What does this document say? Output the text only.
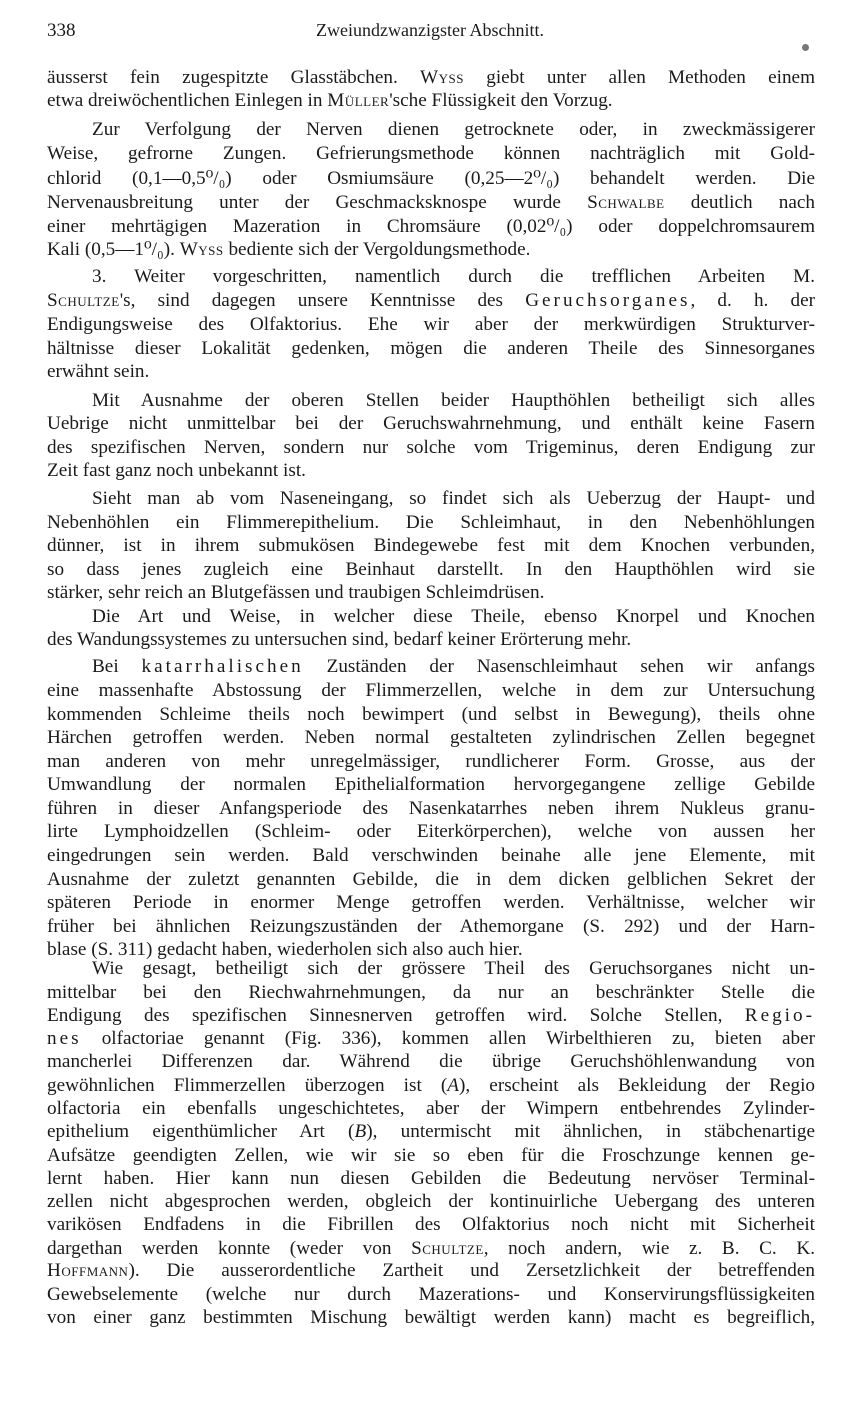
338	Zweiundzwanzigster Abschnitt.
äusserst fein zugespitzte Glasstäbchen. Wyss giebt unter allen Methoden einem
etwa dreiwöchentlichen Einlegen in Müller'sche Flüssigkeit den Vorzug.
Zur Verfolgung der Nerven dienen getrocknete oder, in zweckmässigerer
Weise, gefrorne Zungen. Gefrierungsmethode können nachträglich mit Gold-
chlorid (0,1—0,5⁰/₀) oder Osmiumsäure (0,25—2⁰/₀) behandelt werden. Die
Nervenausbreitung unter der Geschmacksknospe wurde Schwalbe deutlich nach
einer mehrtägigen Mazeration in Chromsäure (0,02⁰/₀) oder doppelchromsaurem
Kali (0,5—1⁰/₀). Wyss bediente sich der Vergoldungsmethode.
3. Weiter vorgeschritten, namentlich durch die trefflichen Arbeiten M.
Schultze's, sind dagegen unsere Kenntnisse des Geruchsorganes, d. h. der
Endigungsweise des Olfaktorius. Ehe wir aber der merkwürdigen Strukturver-
hältnisse dieser Lokalität gedenken, mögen die anderen Theile des Sinnesorganes
erwähnt sein.
Mit Ausnahme der oberen Stellen beider Haupthöhlen betheiligt sich alles
Uebrige nicht unmittelbar bei der Geruchswahrnehmung, und enthält keine Fasern
des spezifischen Nerven, sondern nur solche vom Trigeminus, deren Endigung zur
Zeit fast ganz noch unbekannt ist.
Sieht man ab vom Naseneingang, so findet sich als Ueberzug der Haupt- und
Nebenhöhlen ein Flimmerepithelium. Die Schleimhaut, in den Nebenhöhlungen
dünner, ist in ihrem submukösen Bindegewebe fest mit dem Knochen verbunden,
so dass jenes zugleich eine Beinhaut darstellt. In den Haupthöhlen wird sie
stärker, sehr reich an Blutgefässen und traubigen Schleimdrüsen.
Die Art und Weise, in welcher diese Theile, ebenso Knorpel und Knochen
des Wandungssystemes zu untersuchen sind, bedarf keiner Erörterung mehr.
Bei katarrhalischen Zuständen der Nasenschleimhaut sehen wir anfangs
eine massenhafte Abstossung der Flimmerzellen, welche in dem zur Untersuchung
kommenden Schleime theils noch bewimpert (und selbst in Bewegung), theils ohne
Härchen getroffen werden. Neben normal gestalteten zylindrischen Zellen begegnet
man anderen von mehr unregelmässiger, rundlicherer Form. Grosse, aus der
Umwandlung der normalen Epithelialformation hervorgegangene zellige Gebilde
führen in dieser Anfangsperiode des Nasenkatarrhes neben ihrem Nukleus granu-
lirte Lymphoidzellen (Schleim- oder Eiterkörperchen), welche von aussen her
eingedrungen sein werden. Bald verschwinden beinahe alle jene Elemente, mit
Ausnahme der zuletzt genannten Gebilde, die in dem dicken gelblichen Sekret der
späteren Periode in enormer Menge getroffen werden. Verhältnisse, welcher wir
früher bei ähnlichen Reizungszuständen der Athemorgane (S. 292) und der Harn-
blase (S. 311) gedacht haben, wiederholen sich also auch hier.
Wie gesagt, betheiligt sich der grössere Theil des Geruchsorganes nicht un-
mittelbar bei den Riechwahrnehmungen, da nur an beschränkter Stelle die
Endigung des spezifischen Sinnesnerven getroffen wird. Solche Stellen, Regio-
nes olfactoriae genannt (Fig. 336), kommen allen Wirbelthieren zu, bieten aber
mancherlei Differenzen dar. Während die übrige Geruchshöhlenwandung von
gewöhnlichen Flimmerzellen überzogen ist (A), erscheint als Bekleidung der Regio
olfactoria ein ebenfalls ungeschichtetes, aber der Wimpern entbehrendes Zylinder-
epithelium eigenthümlicher Art (B), untermischt mit ähnlichen, in stäbchenartige
Aufsätze geendigten Zellen, wie wir sie so eben für die Froschzunge kennen ge-
lernt haben. Hier kann nun diesen Gebilden die Bedeutung nervöser Terminal-
zellen nicht abgesprochen werden, obgleich der kontinuirliche Uebergang des unteren
varikösen Endfadens in die Fibrillen des Olfaktorius noch nicht mit Sicherheit
dargethan werden konnte (weder von Schultze, noch andern, wie z. B. C. K.
Hoffmann). Die ausserordentliche Zartheit und Zersetzlichkeit der betreffenden
Gewebselemente (welche nur durch Mazerations- und Konservirungsflüssigkeiten
von einer ganz bestimmten Mischung bewältigt werden kann) macht es begreiflich,
